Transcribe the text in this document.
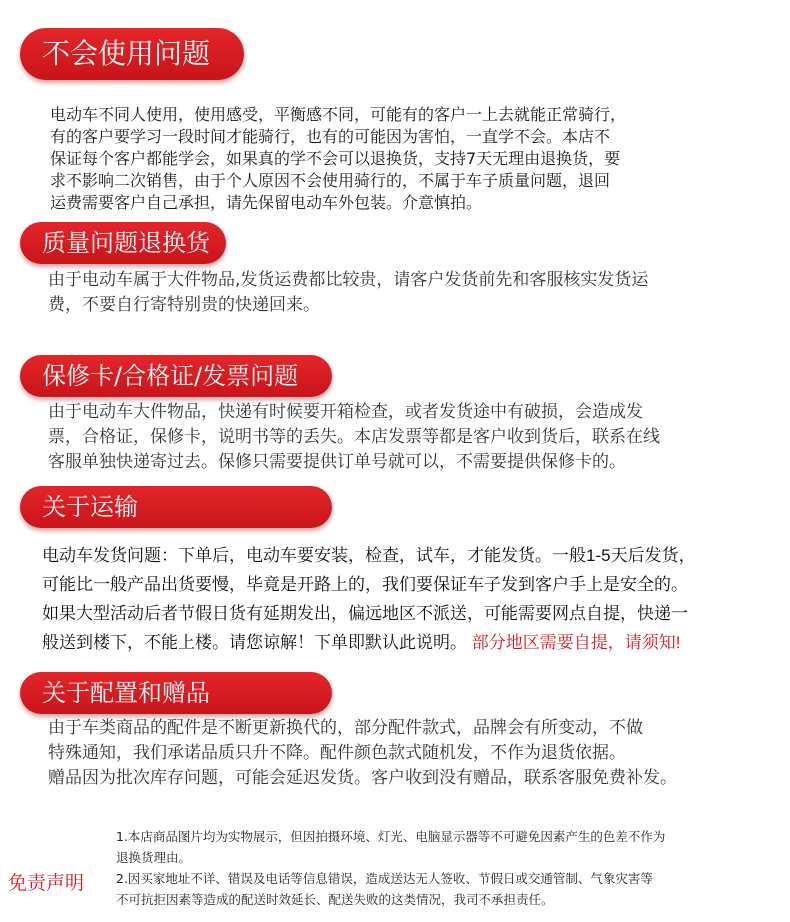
不会使用问题
电动车不同人使用，使用感受，平衡感不同，可能有的客户一上去就能正常骑行，
有的客户要学习一段时间才能骑行，也有的可能因为害怕，一直学不会。本店不
保证每个客户都能学会，如果真的学不会可以退换货，支持7天无理由退换货，要
求不影响二次销售，由于个人原因不会使用骑行的，不属于车子质量问题，退回
运费需要客户自己承担，请先保留电动车外包装。介意慎拍。
质量问题退换货
由于电动车属于大件物品,发货运费都比较贵，请客户发货前先和客服核实发货运
费，不要自行寄特别贵的快递回来。
保修卡/合格证/发票问题
由于电动车大件物品，快递有时候要开箱检查，或者发货途中有破损，会造成发
票，合格证，保修卡，说明书等的丢失。本店发票等都是客户收到货后，联系在线
客服单独快递寄过去。保修只需要提供订单号就可以，不需要提供保修卡的。
关于运输
电动车发货问题：下单后，电动车要安装，检查，试车，才能发货。一般1-5天后发货，
可能比一般产品出货要慢，毕竟是开路上的，我们要保证车子发到客户手上是安全的。
如果大型活动后者节假日货有延期发出，偏远地区不派送，可能需要网点自提，快递一
般送到楼下，不能上楼。请您谅解！下单即默认此说明。 部分地区需要自提，请须知!
关于配置和赠品
由于车类商品的配件是不断更新换代的，部分配件款式，品牌会有所变动，不做
特殊通知，我们承诺品质只升不降。配件颜色款式随机发，不作为退货依据。
赠品因为批次库存问题，可能会延迟发货。客户收到没有赠品，联系客服免费补发。
免责声明
1.本店商品图片均为实物展示，但因拍摄环境、灯光、电脑显示器等不可避免因素产生的色差不作为
退换货理由。
2.因买家地址不详、错误及电话等信息错误，造成送达无人签收、节假日或交通管制、气象灾害等
不可抗拒因素等造成的配送时效延长、配送失败的这类情况，我司不承担责任。
